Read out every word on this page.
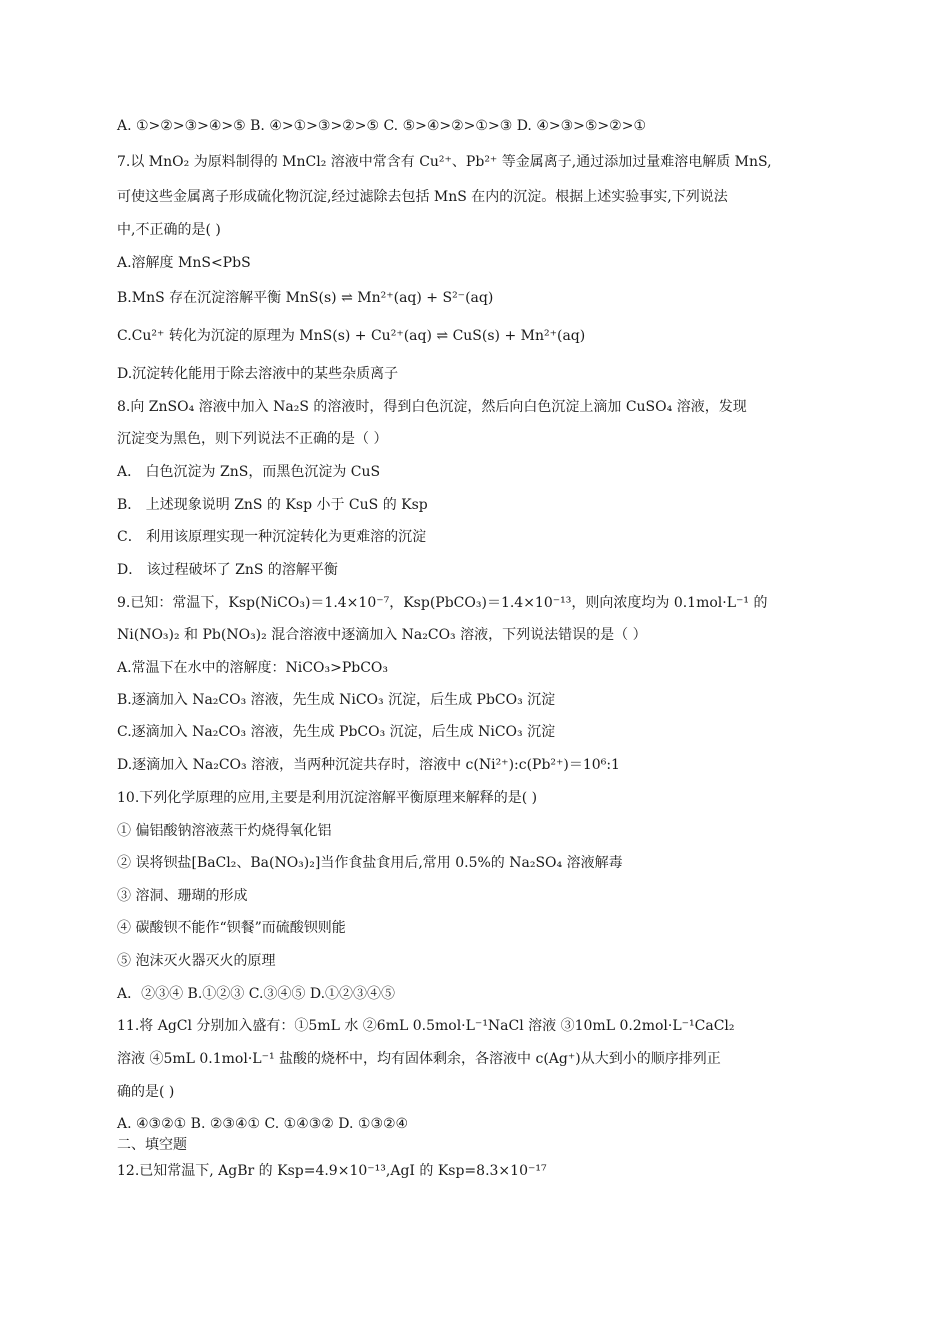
A. ①>②>③>④>⑤ B. ④>①>③>②>⑤ C. ⑤>④>②>①>③ D. ④>③>⑤>②>①
7.以 MnO₂ 为原料制得的 MnCl₂ 溶液中常含有 Cu²⁺、Pb²⁺ 等金属离子,通过添加过量难溶电解质 MnS,
可使这些金属离子形成硫化物沉淀,经过滤除去包括 MnS 在内的沉淀。根据上述实验事实,下列说法
中,不正确的是( )
A.溶解度 MnS<PbS
B.MnS 存在沉淀溶解平衡 MnS(s) ⇌ Mn²⁺(aq) + S²⁻(aq)
C.Cu²⁺ 转化为沉淀的原理为 MnS(s) + Cu²⁺(aq) ⇌ CuS(s) + Mn²⁺(aq)
D.沉淀转化能用于除去溶液中的某些杂质离子
8.向 ZnSO₄ 溶液中加入 Na₂S 的溶液时，得到白色沉淀，然后向白色沉淀上滴加 CuSO₄ 溶液，发现
沉淀变为黑色，则下列说法不正确的是（ ）
A． 白色沉淀为 ZnS，而黑色沉淀为 CuS
B． 上述现象说明 ZnS 的 Ksp 小于 CuS 的 Ksp
C． 利用该原理实现一种沉淀转化为更难溶的沉淀
D． 该过程破坏了 ZnS 的溶解平衡
9.已知：常温下，Ksp(NiCO₃)＝1.4×10⁻⁷，Ksp(PbCO₃)＝1.4×10⁻¹³，则向浓度均为 0.1mol·L⁻¹ 的
Ni(NO₃)₂ 和 Pb(NO₃)₂ 混合溶液中逐滴加入 Na₂CO₃ 溶液，下列说法错误的是（ ）
A.常温下在水中的溶解度：NiCO₃>PbCO₃
B.逐滴加入 Na₂CO₃ 溶液，先生成 NiCO₃ 沉淀，后生成 PbCO₃ 沉淀
C.逐滴加入 Na₂CO₃ 溶液，先生成 PbCO₃ 沉淀，后生成 NiCO₃ 沉淀
D.逐滴加入 Na₂CO₃ 溶液，当两种沉淀共存时，溶液中 c(Ni²⁺):c(Pb²⁺)＝10⁶:1
10.下列化学原理的应用,主要是利用沉淀溶解平衡原理来解释的是( )
① 偏铝酸钠溶液蒸干灼烧得氧化铝
② 误将钡盐[BaCl₂、Ba(NO₃)₂]当作食盐食用后,常用 0.5%的 Na₂SO₄ 溶液解毒
③ 溶洞、珊瑚的形成
④ 碳酸钡不能作“钡餐”而硫酸钡则能
⑤ 泡沫灭火器灭火的原理
A．②③④ B.①②③ C.③④⑤ D.①②③④⑤
11.将 AgCl 分别加入盛有：①5mL 水 ②6mL 0.5mol·L⁻¹NaCl 溶液 ③10mL 0.2mol·L⁻¹CaCl₂
溶液 ④5mL 0.1mol·L⁻¹ 盐酸的烧杯中，均有固体剩余，各溶液中 c(Ag⁺)从大到小的顺序排列正
确的是( )
A. ④③②① B. ②③④① C. ①④③② D. ①③②④
二、填空题
12.已知常温下, AgBr 的 Ksp=4.9×10⁻¹³,AgI 的 Ksp=8.3×10⁻¹⁷
